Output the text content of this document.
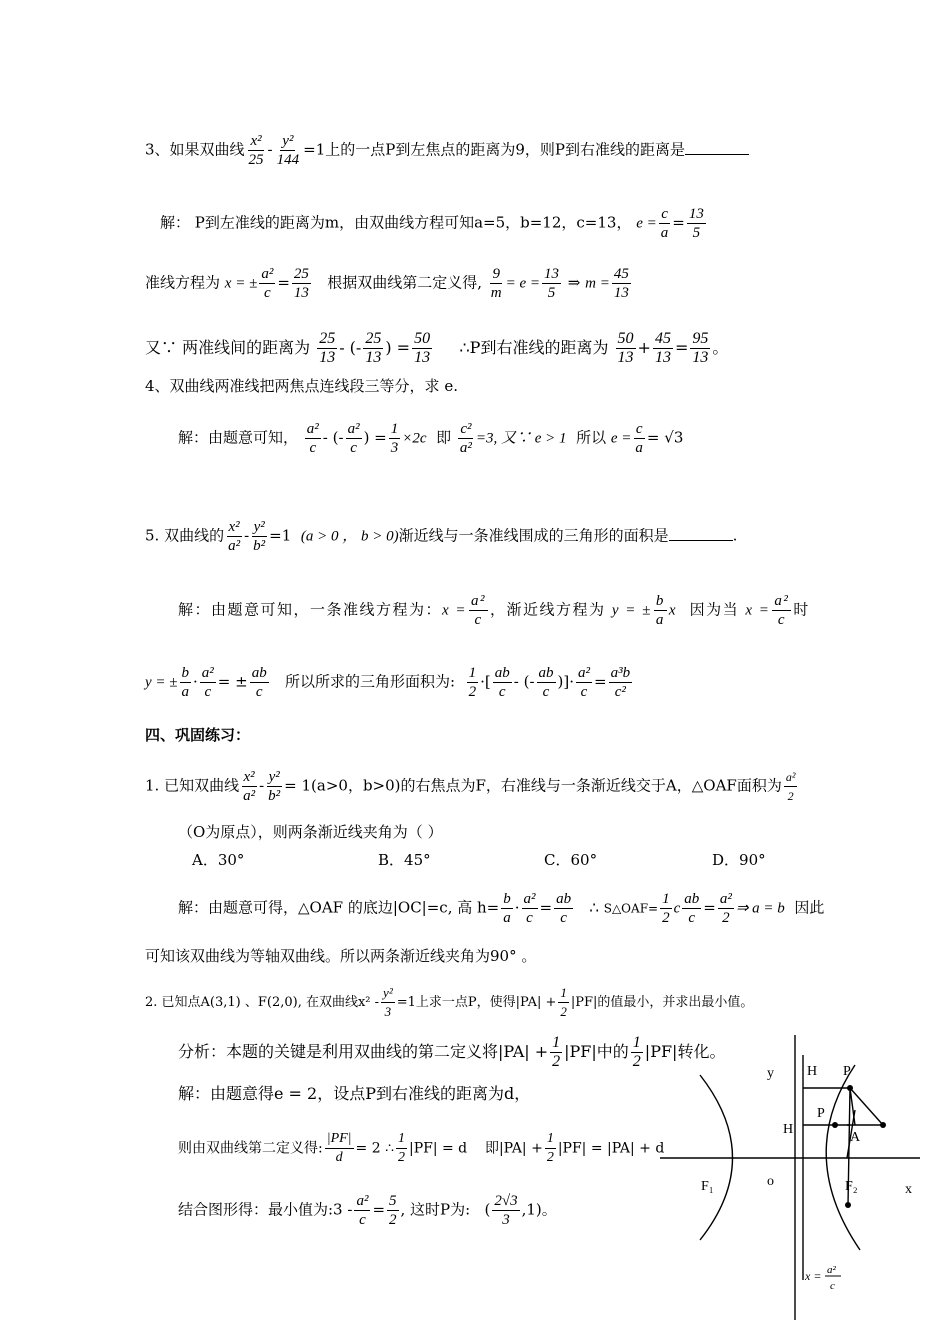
3、如果双曲线 $\frac{\text{x²}}{25} - \frac{\text{y²}}{144} =1$上的一点P到左焦点的距离为9，则P到右准线的距离是
解： P到左准线的距离为m，由双曲线方程可知a=5，b=12，c=13， $e = \frac{c}{a} = \frac{13}{5}$
准线方程为 x = ± $\frac{\text{a²}}{c} = \frac{25}{13}$ 根据双曲线第二定义得, $\frac{9}{m} = e = \frac{13}{5}$ ⇒ $m = \frac{45}{13}$
又∵ 两准线间的距离为 $\frac{25}{13}$ - (- $\frac{25}{13}$ ) = $\frac{50}{13}$ ∴P到右准线的距离为 $\frac{50}{13} + \frac{45}{13} = \frac{95}{13}$ 。
4、双曲线两准线把两焦点连线段三等分，求 e.
解：由题意可知， $\frac{\text{a²}}{c}$ - (- $\frac{\text{a²}}{c}$ ) = $\frac{1}{3} \times 2c$ 即 $\frac{\text{c²}}{\text{a²}} =3$, 又∵ e > 1 所以 $e = \frac{c}{a} = √3$
5. 双曲线的 $\frac{\text{x²}}{\text{a²}} - \frac{\text{y²}}{\text{b²}} =1$ (a > 0 ， b > 0)渐近线与一条准线围成的三角形的面积是	.
解：由题意可知，一条准线方程为：$x = \frac{\text{a²}}{c}$ ，渐近线方程为 y = ± $\frac{b}{a}$ x 因为当 $x = \frac{\text{a²}}{c}$ 时
y = ± $\frac{b}{a} \cdot \frac{\text{a²}}{c}$ = ± $\frac{ab}{c}$ 所以所求的三角形面积为: $\frac{1}{2}$ ·[ $\frac{ab}{c}$ - (- $\frac{ab}{c}$ )]· $\frac{\text{a²}}{c} = \frac{\text{a³b}}{\text{c²}}$
四、巩固练习：
1. 已知双曲线 $\frac{\text{x²}}{\text{a²}} - \frac{\text{y²}}{\text{b²}} = 1(a>0$，b>0)的右焦点为F，右准线与一条渐近线交于A，△OAF面积为 $\frac{\text{a²}}{2}$
（O为原点），则两条渐近线夹角为（ ）
A．30°	B．45°	C．60°	D．90°
解：由题意可得，△OAF 的底边|OC|=c, 高 $h= \frac{b}{a} \cdot \frac{\text{a²}}{c} = \frac{ab}{c}$ ∴ S△OAF= $\frac{1}{2}$ c $\frac{ab}{c} = \frac{\text{a²}}{2}$ ⇒ a = b 因此
可知该双曲线为等轴双曲线。所以两条渐近线夹角为90° 。
2. 已知点A(3,1) 、F(2,0), 在双曲线$x^2 - \frac{\text{y²}}{3} =1$上求一点P，使得$|PA| + \frac{1}{2} |PF|$的值最小，并求出最小值。
分析：本题的关键是利用双曲线的第二定义将$|PA| + \frac{1}{2} |PF|$中的 $\frac{1}{2} |PF|$转化。
解：由题意得e = 2，设点P到右准线的距离为d，
则由双曲线第二定义得: $\frac{|PF|}{d} = 2$ ∴ $\frac{1}{2} |PF| = d$ 即$|PA| + \frac{1}{2} |PF| = |PA| + d$
结合图形得：最小值为:3 - $\frac{\text{a²}}{c} = \frac{5}{2}$ , 这时P为: ( $\frac{2√3}{3} ,1$)。
y
x
o
F₁	F₂
H P
H
P
A
x = a²
c
